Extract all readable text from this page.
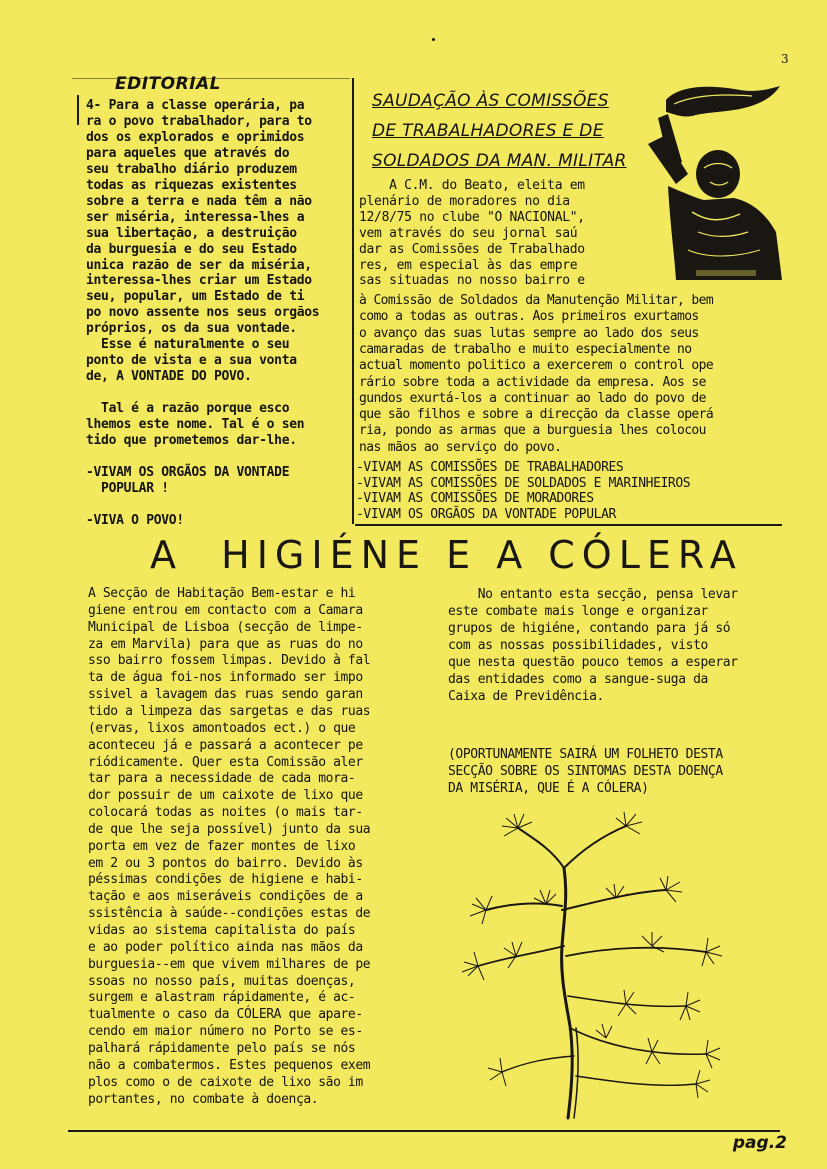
3
EDITORIAL
4- Para a classe operária, pa
ra o povo trabalhador, para to
dos os explorados e oprimidos
para aqueles que através do
seu trabalho diário produzem
todas as riquezas existentes
sobre a terra e nada têm a não
ser miséria, interessa-lhes a
sua libertação, a destruição
da burguesia e do seu Estado
unica razão de ser da miséria,
interessa-lhes criar um Estado
seu, popular, um Estado de ti
po novo assente nos seus orgãos
próprios, os da sua vontade.
Esse é naturalmente o seu
ponto de vista e a sua vonta
de, A VONTADE DO POVO.
Tal é a razão porque esco
lhemos este nome. Tal é o sen
tido que prometemos dar-lhe.
-VIVAM OS ORGÃOS DA VONTADE
POPULAR !
-VIVA O POVO!
SAUDAÇÃO ÀS COMISSÕES
DE TRABALHADORES E DE
SOLDADOS DA MAN. MILITAR
A C.M. do Beato, eleita em
plenário de moradores no dia
12/8/75 no clube "O NACIONAL",
vem através do seu jornal saú
dar as Comissões de Trabalhado
res, em especial às das empre
sas situadas no nosso bairro e
à Comissão de Soldados da Manutenção Militar, bem
como a todas as outras. Aos primeiros exurtamos
o avanço das suas lutas sempre ao lado dos seus
camaradas de trabalho e muito especialmente no
actual momento politico a exercerem o control ope
rário sobre toda a actividade da empresa. Aos se
gundos exurtá-los a continuar ao lado do povo de
que são filhos e sobre a direcção da classe operá
ria, pondo as armas que a burguesia lhes colocou
nas mãos ao serviço do povo.
-VIVAM AS COMISSÕES DE TRABALHADORES
-VIVAM AS COMISSÕES DE SOLDADOS E MARINHEIROS
-VIVAM AS COMISSÕES DE MORADORES
-VIVAM OS ORGÃOS DA VONTADE POPULAR
A  HIGIÉNE E A CÓLERA
A Secção de Habitação Bem-estar e hi
giene entrou em contacto com a Camara
Municipal de Lisboa (secção de limpe-
za em Marvila) para que as ruas do no
sso bairro fossem limpas. Devido à fal
ta de água foi-nos informado ser impo
ssivel a lavagem das ruas sendo garan
tido a limpeza das sargetas e das ruas
(ervas, lixos amontoados ect.) o que
aconteceu já e passará a acontecer pe
riódicamente. Quer esta Comissão aler
tar para a necessidade de cada mora-
dor possuir de um caixote de lixo que
colocará todas as noites (o mais tar-
de que lhe seja possível) junto da sua
porta em vez de fazer montes de lixo
em 2 ou 3 pontos do bairro. Devido às
péssimas condições de higiene e habi-
tação e aos miseráveis condições de a
ssistência à saúde--condições estas de
vidas ao sistema capitalista do país
e ao poder político ainda nas mãos da
burguesia--em que vivem milhares de pe
ssoas no nosso país, muitas doenças,
surgem e alastram rápidamente, é ac-
tualmente o caso da CÓLERA que apare-
cendo em maior número no Porto se es-
palhará rápidamente pelo país se nós
não a combatermos. Estes pequenos exem
plos como o de caixote de lixo são im
portantes, no combate à doença.
No entanto esta secção, pensa levar
este combate mais longe e organizar
grupos de higiéne, contando para já só
com as nossas possibilidades, visto
que nesta questão pouco temos a esperar
das entidades como a sangue-suga da
Caixa de Previdência.
(OPORTUNAMENTE SAIRÁ UM FOLHETO DESTA
SECÇÃO SOBRE OS SINTOMAS DESTA DOENÇA
DA MISÉRIA, QUE É A CÓLERA)
pag.2
